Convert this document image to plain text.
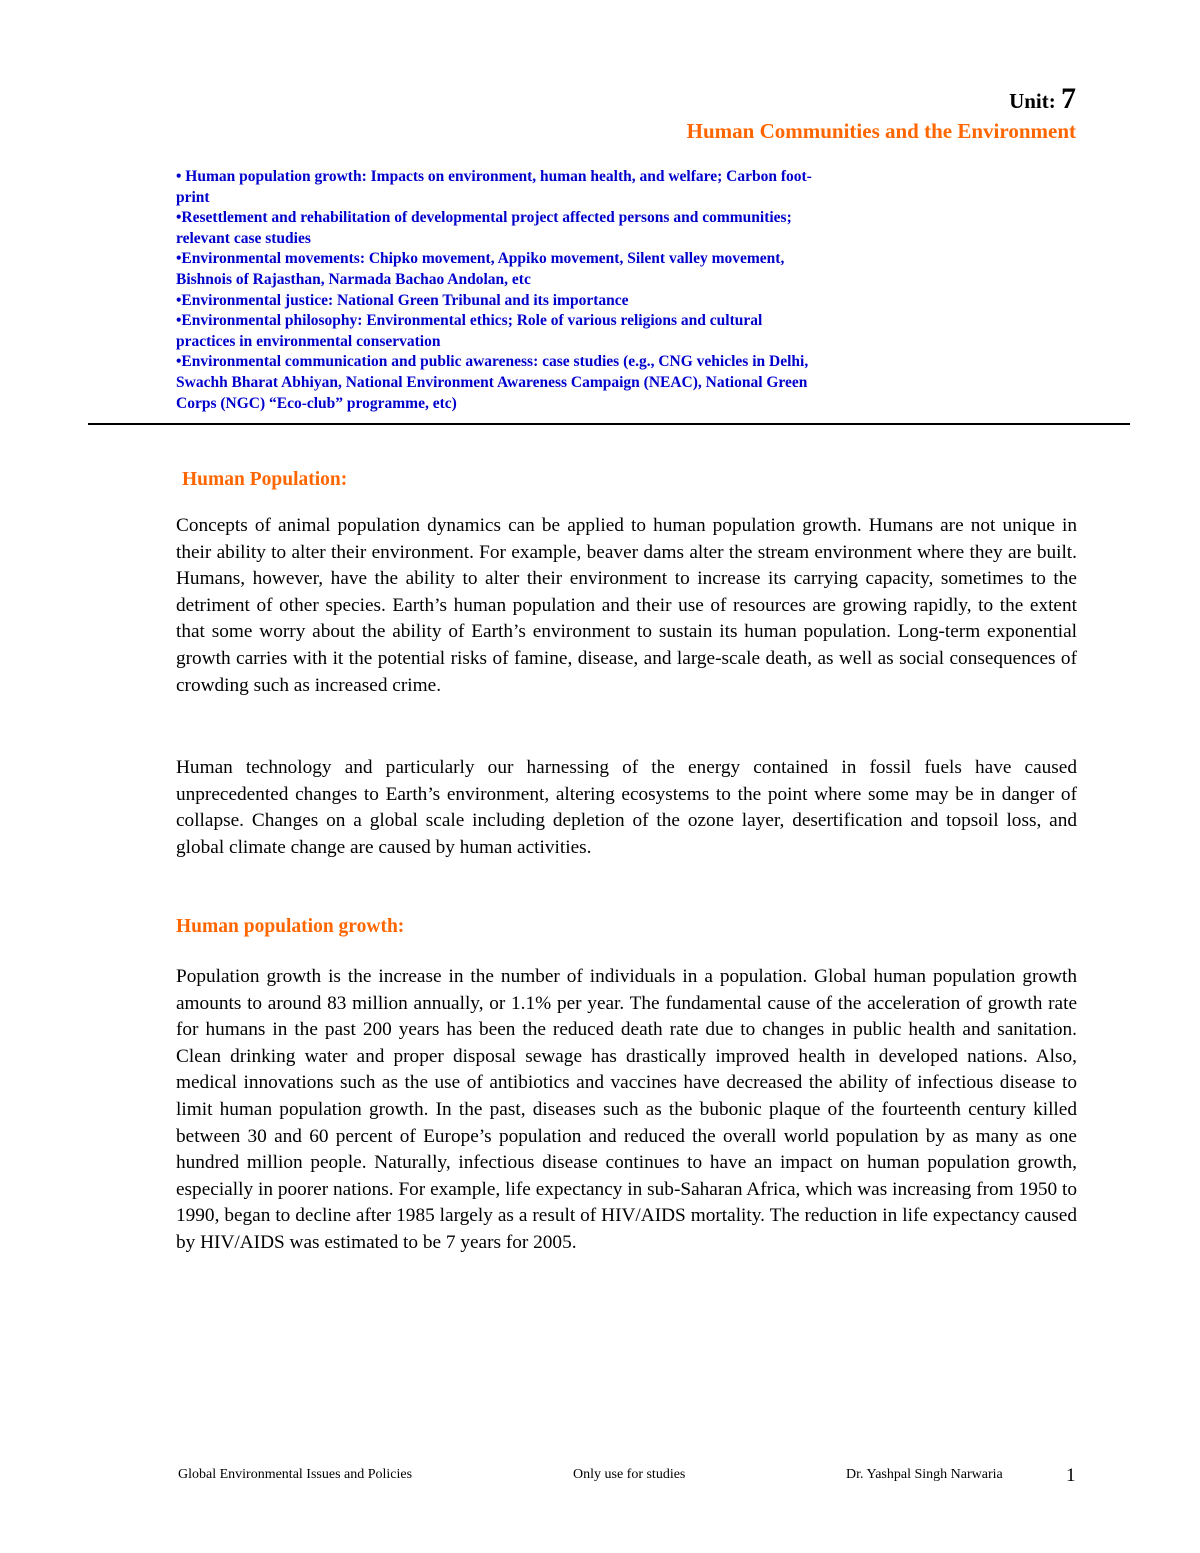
Unit: 7
Human Communities and the Environment
• Human population growth: Impacts on environment, human health, and welfare; Carbon foot-print
•Resettlement and rehabilitation of developmental project affected persons and communities; relevant case studies
•Environmental movements: Chipko movement, Appiko movement, Silent valley movement, Bishnois of Rajasthan, Narmada Bachao Andolan, etc
•Environmental justice: National Green Tribunal and its importance
•Environmental philosophy: Environmental ethics; Role of various religions and cultural practices in environmental conservation
•Environmental communication and public awareness: case studies (e.g., CNG vehicles in Delhi, Swachh Bharat Abhiyan, National Environment Awareness Campaign (NEAC), National Green Corps (NGC) “Eco-club” programme, etc)
Human Population:

Concepts of animal population dynamics can be applied to human population growth. Humans are not unique in their ability to alter their environment. For example, beaver dams alter the stream environment where they are built. Humans, however, have the ability to alter their environment to increase its carrying capacity, sometimes to the detriment of other species. Earth’s human population and their use of resources are growing rapidly, to the extent that some worry about the ability of Earth’s environment to sustain its human population. Long-term exponential growth carries with it the potential risks of famine, disease, and large-scale death, as well as social consequences of crowding such as increased crime.

Human technology and particularly our harnessing of the energy contained in fossil fuels have caused unprecedented changes to Earth’s environment, altering ecosystems to the point where some may be in danger of collapse. Changes on a global scale including depletion of the ozone layer, desertification and topsoil loss, and global climate change are caused by human activities.

Human population growth:

Population growth is the increase in the number of individuals in a population. Global human population growth amounts to around 83 million annually, or 1.1% per year. The fundamental cause of the acceleration of growth rate for humans in the past 200 years has been the reduced death rate due to changes in public health and sanitation. Clean drinking water and proper disposal sewage has drastically improved health in developed nations. Also, medical innovations such as the use of antibiotics and vaccines have decreased the ability of infectious disease to limit human population growth. In the past, diseases such as the bubonic plaque of the fourteenth century killed between 30 and 60 percent of Europe’s population and reduced the overall world population by as many as one hundred million people. Naturally, infectious disease continues to have an impact on human population growth, especially in poorer nations. For example, life expectancy in sub-Saharan Africa, which was increasing from 1950 to 1990, began to decline after 1985 largely as a result of HIV/AIDS mortality. The reduction in life expectancy caused by HIV/AIDS was estimated to be 7 years for 2005.

Global Environmental Issues and Policies	Only use for studies	Dr. Yashpal Singh Narwaria	1
